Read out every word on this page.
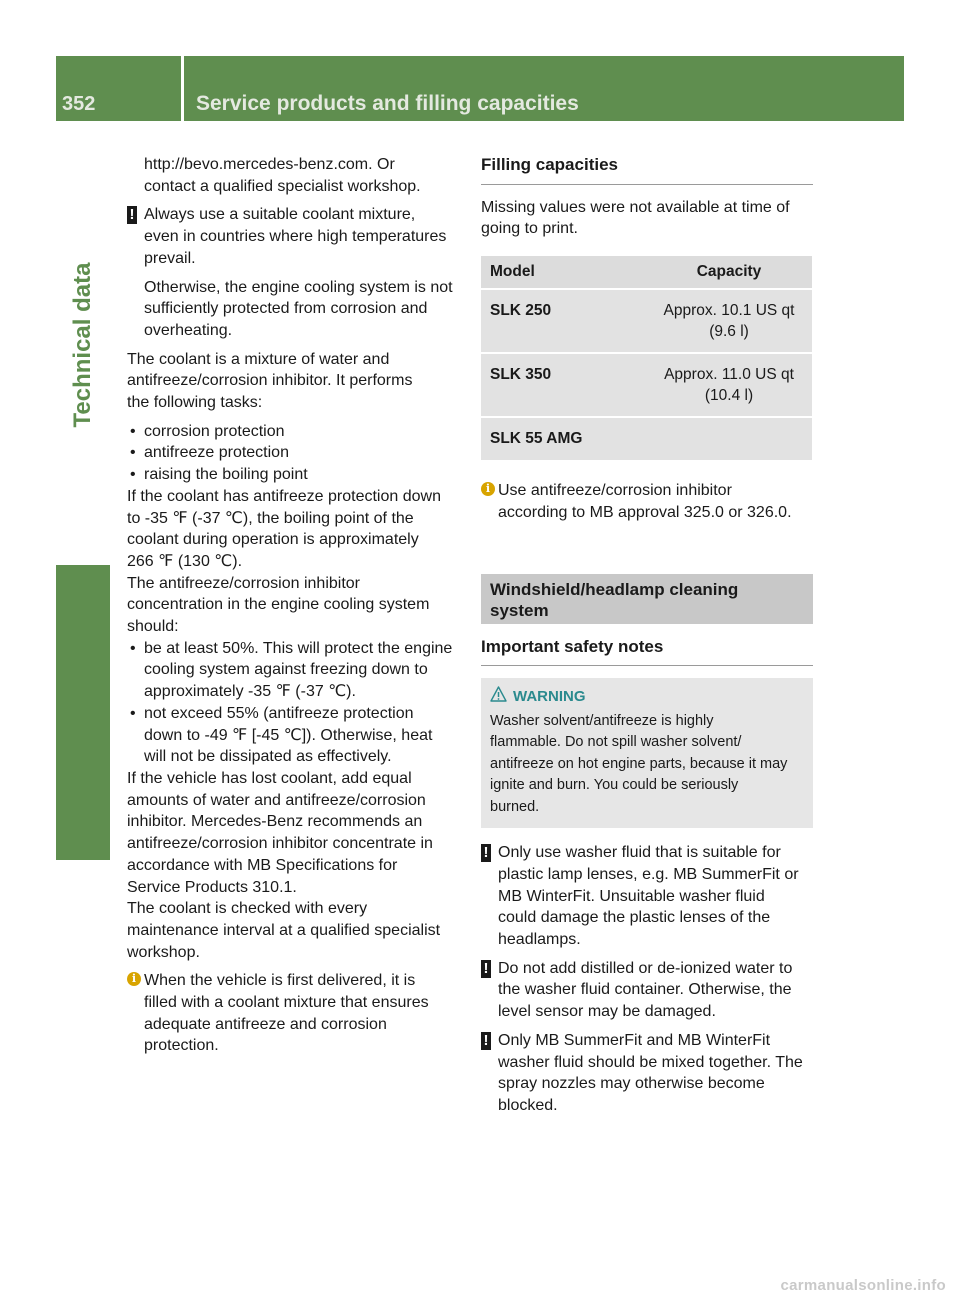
352	Service products and filling capacities
Technical data
http://bevo.mercedes-benz.com. Or
contact a qualified specialist workshop.
! Always use a suitable coolant mixture,
even in countries where high temperatures
prevail.
Otherwise, the engine cooling system is not
sufficiently protected from corrosion and
overheating.
The coolant is a mixture of water and
antifreeze/corrosion inhibitor. It performs
the following tasks:
• corrosion protection
• antifreeze protection
• raising the boiling point
If the coolant has antifreeze protection down
to -35 ℉ (-37 ℃), the boiling point of the
coolant during operation is approximately
266 ℉ (130 ℃).
The antifreeze/corrosion inhibitor
concentration in the engine cooling system
should:
• be at least 50%. This will protect the engine
cooling system against freezing down to
approximately -35 ℉ (-37 ℃).
• not exceed 55% (antifreeze protection
down to -49 ℉ [-45 ℃]). Otherwise, heat
will not be dissipated as effectively.
If the vehicle has lost coolant, add equal
amounts of water and antifreeze/corrosion
inhibitor. Mercedes-Benz recommends an
antifreeze/corrosion inhibitor concentrate in
accordance with MB Specifications for
Service Products 310.1.
The coolant is checked with every
maintenance interval at a qualified specialist
workshop.
i When the vehicle is first delivered, it is
filled with a coolant mixture that ensures
adequate antifreeze and corrosion
protection.
Filling capacities
Missing values were not available at time of
going to print.
Model	Capacity
SLK 250	Approx. 10.1 US qt
(9.6 l)

SLK 350	Approx. 11.0 US qt
(10.4 l)

SLK 55 AMG	
i Use antifreeze/corrosion inhibitor
according to MB approval 325.0 or 326.0.
Windshield/headlamp cleaning
system
Important safety notes
WARNING
Washer solvent/antifreeze is highly
flammable. Do not spill washer solvent/
antifreeze on hot engine parts, because it may
ignite and burn. You could be seriously
burned.
! Only use washer fluid that is suitable for
plastic lamp lenses, e.g. MB SummerFit or
MB WinterFit. Unsuitable washer fluid
could damage the plastic lenses of the
headlamps.
! Do not add distilled or de-ionized water to
the washer fluid container. Otherwise, the
level sensor may be damaged.
! Only MB SummerFit and MB WinterFit
washer fluid should be mixed together. The
spray nozzles may otherwise become
blocked.
carmanualsonline.info
